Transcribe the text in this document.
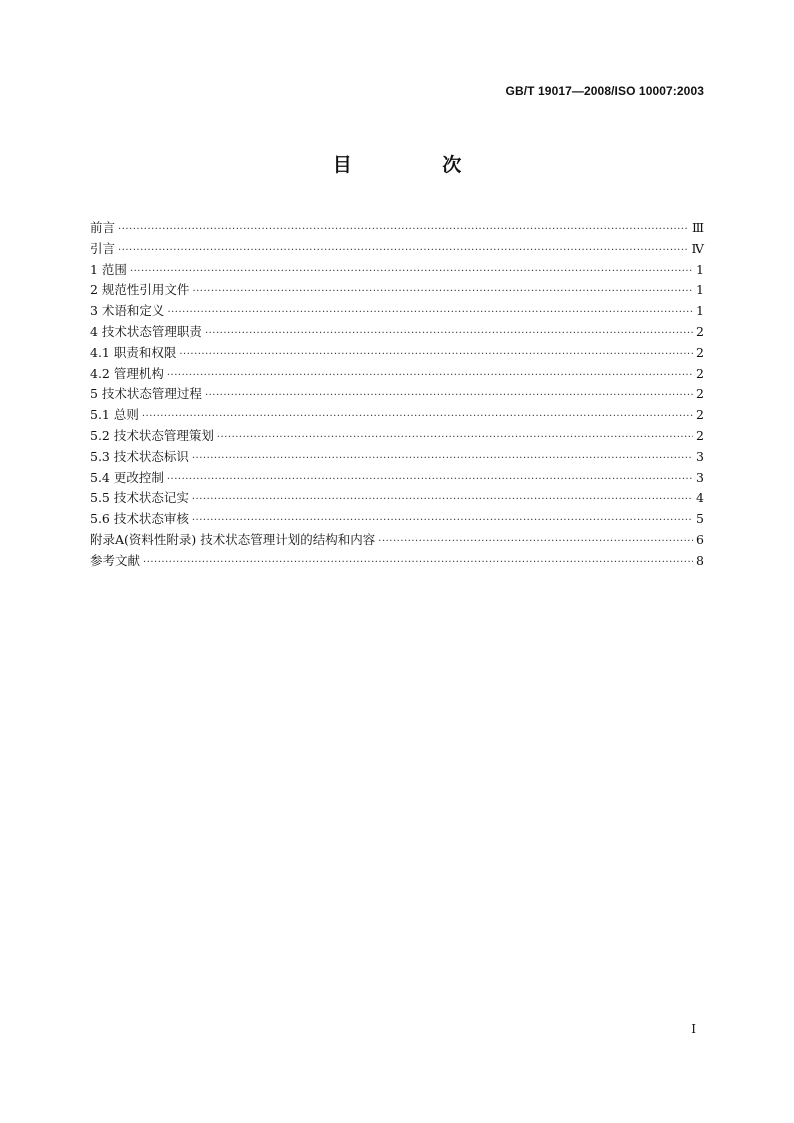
GB/T 19017—2008/ISO 10007:2003
目 次
前言 ·····	Ⅲ
引言 ·····	Ⅳ
1 范围 ·····	1
2 规范性引用文件 ·····	1
3 术语和定义 ·····	1
4 技术状态管理职责 ·····	2
4.1 职责和权限 ·····	2
4.2 管理机构 ·····	2
5 技术状态管理过程 ·····	2
5.1 总则 ·····	2
5.2 技术状态管理策划 ·····	2
5.3 技术状态标识 ·····	3
5.4 更改控制 ·····	3
5.5 技术状态记实 ·····	4
5.6 技术状态审核 ·····	5
附录A(资料性附录) 技术状态管理计划的结构和内容 ·····	6
参考文献 ·····	8
Ⅰ
